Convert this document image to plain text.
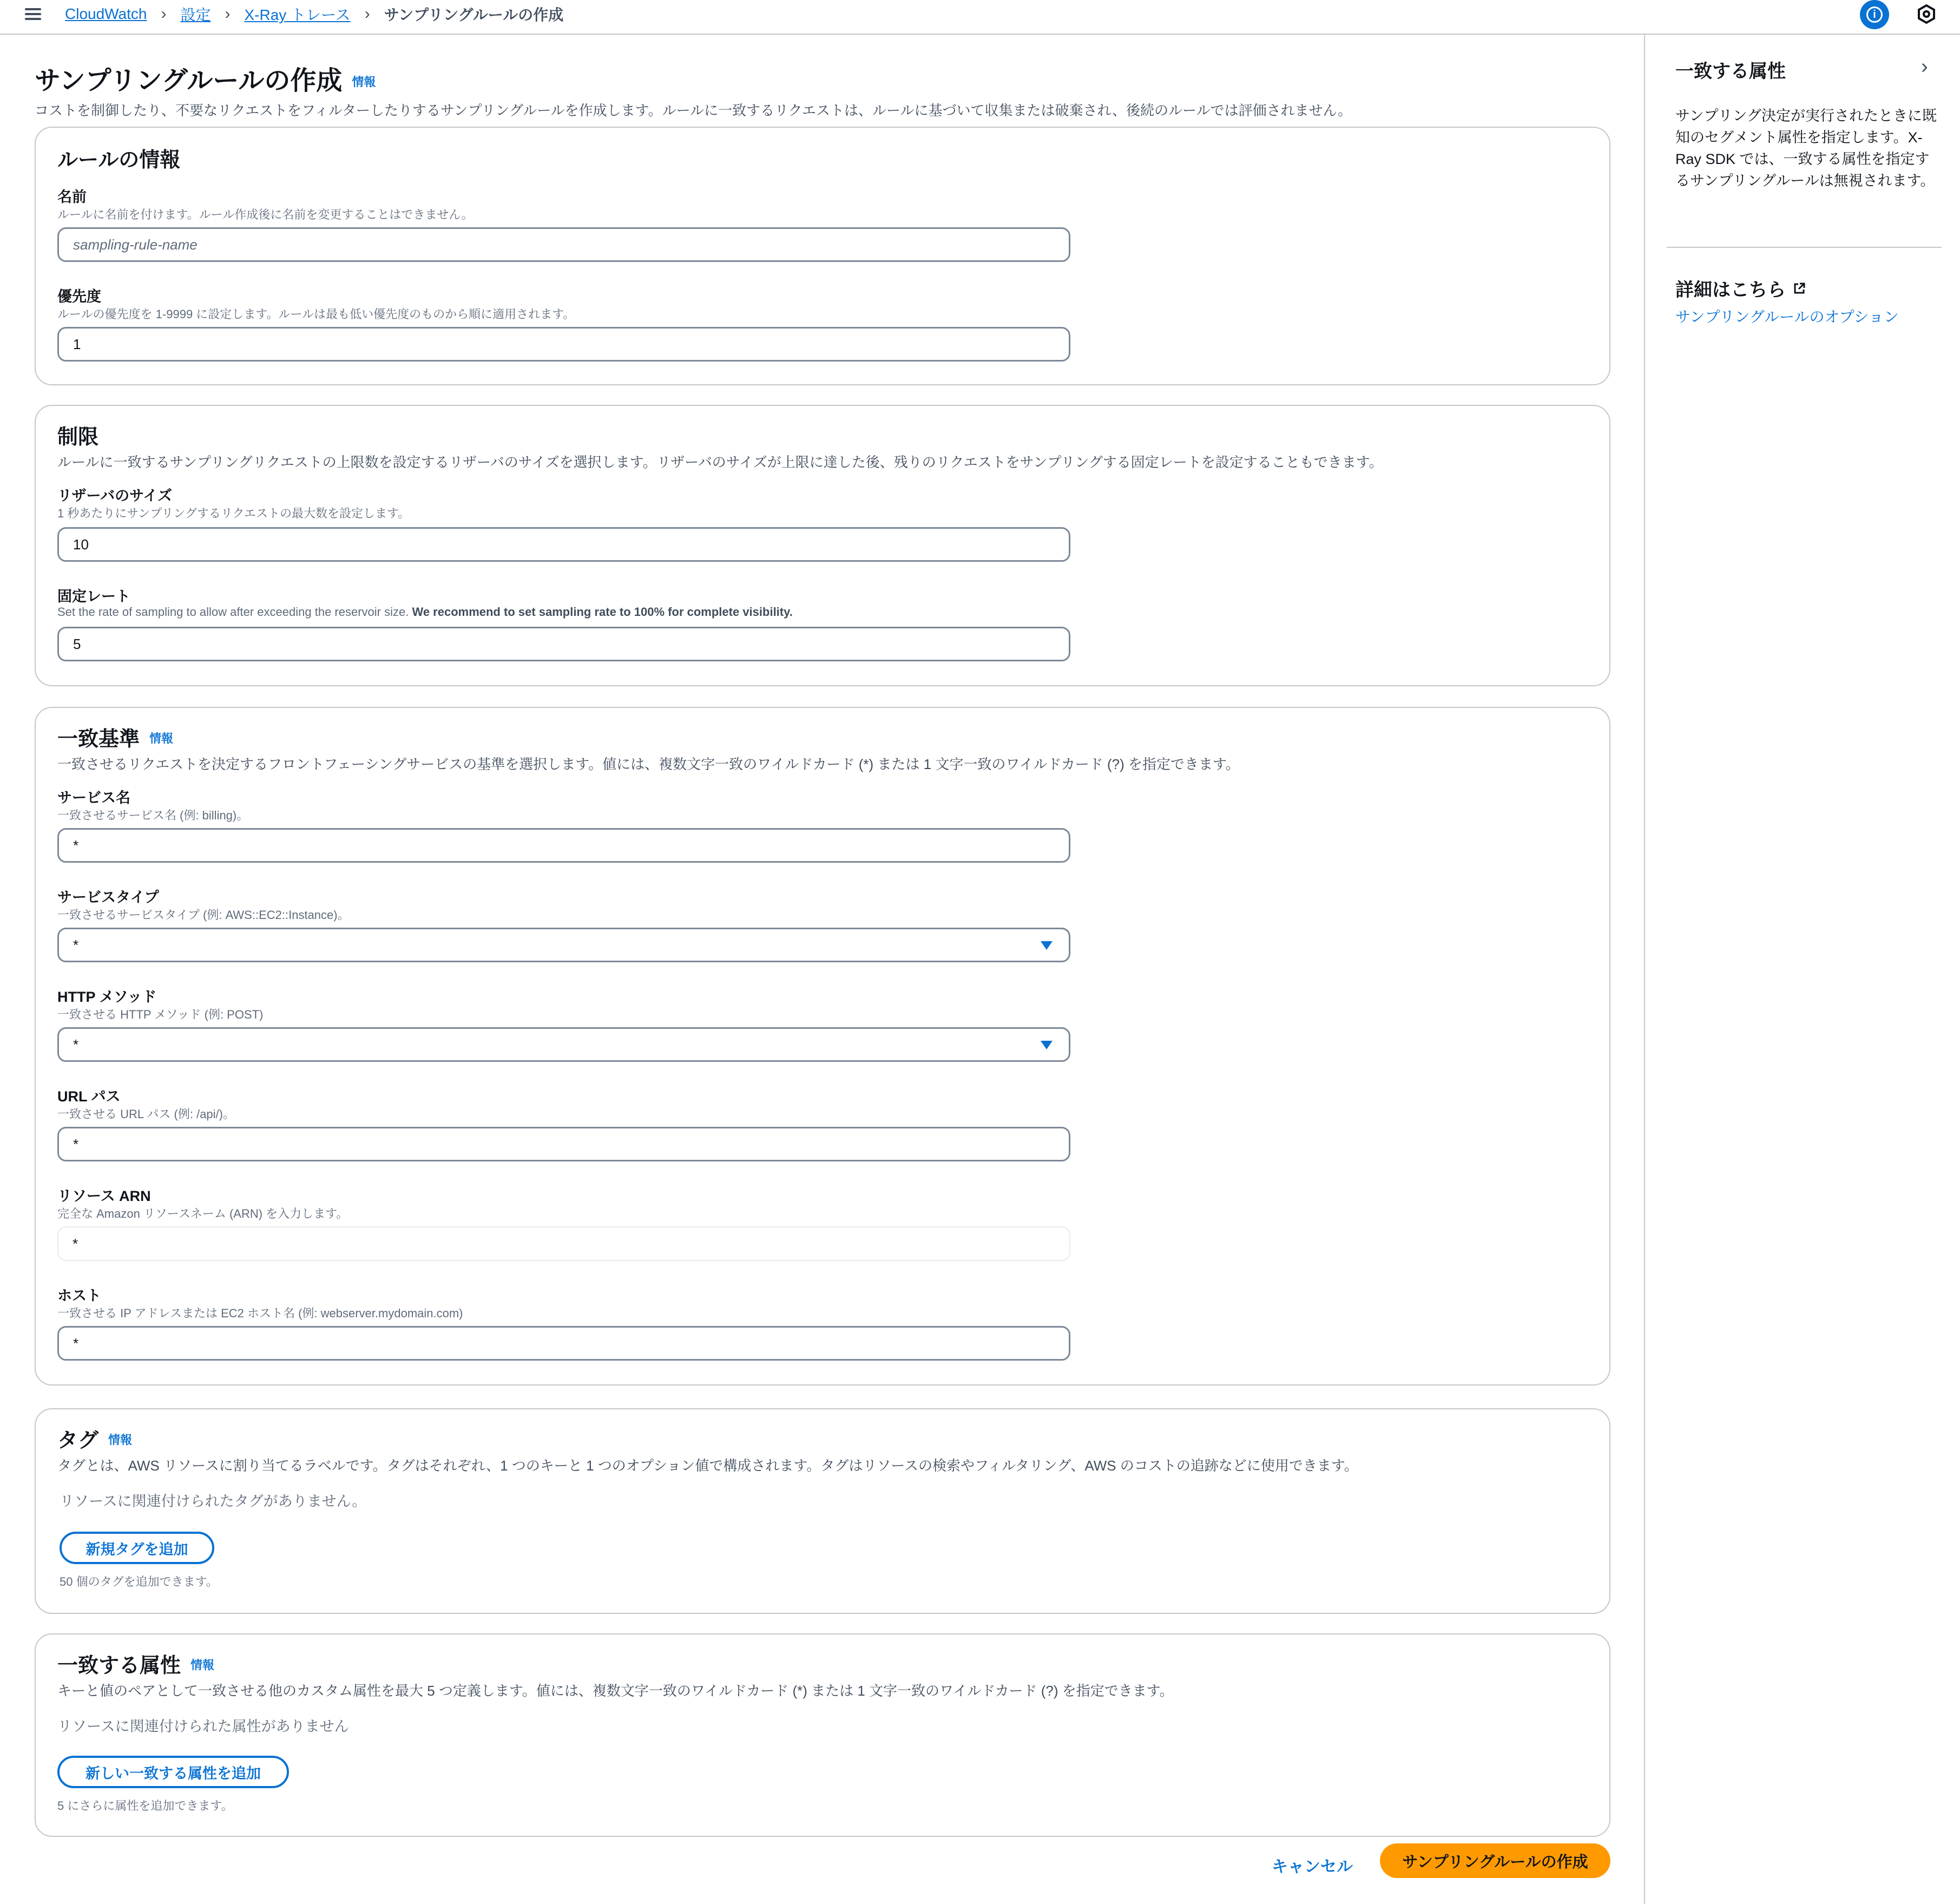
CloudWatch › 設定 › X-Ray トレース › サンプリングルールの作成	i
サンプリングルールの作成 情報
コストを制御したり、不要なリクエストをフィルターしたりするサンプリングルールを作成します。ルールに一致するリクエストは、ルールに基づいて収集または破棄され、後続のルールでは評価されません。
ルールの情報
名前
ルールに名前を付けます。ルール作成後に名前を変更することはできません。
sampling-rule-name
優先度
ルールの優先度を 1-9999 に設定します。ルールは最も低い優先度のものから順に適用されます。
1
制限
ルールに一致するサンプリングリクエストの上限数を設定するリザーバのサイズを選択します。リザーバのサイズが上限に達した後、残りのリクエストをサンプリングする固定レートを設定することもできます。
リザーバのサイズ
1 秒あたりにサンプリングするリクエストの最大数を設定します。
10
固定レート
Set the rate of sampling to allow after exceeding the reservoir size. We recommend to set sampling rate to 100% for complete visibility.
5
一致基準 情報
一致させるリクエストを決定するフロントフェーシングサービスの基準を選択します。値には、複数文字一致のワイルドカード (*) または 1 文字一致のワイルドカード (?) を指定できます。
サービス名
一致させるサービス名 (例: billing)。
*
サービスタイプ
一致させるサービスタイプ (例: AWS::EC2::Instance)。
*
HTTP メソッド
一致させる HTTP メソッド (例: POST)
*
URL パス
一致させる URL パス (例: /api/)。
*
リソース ARN
完全な Amazon リソースネーム (ARN) を入力します。
*
ホスト
一致させる IP アドレスまたは EC2 ホスト名 (例: webserver.mydomain.com)
*
タグ 情報
タグとは、AWS リソースに割り当てるラベルです。タグはそれぞれ、1 つのキーと 1 つのオプション値で構成されます。タグはリソースの検索やフィルタリング、AWS のコストの追跡などに使用できます。
リソースに関連付けられたタグがありません。
新規タグを追加
50 個のタグを追加できます。
一致する属性 情報
キーと値のペアとして一致させる他のカスタム属性を最大 5 つ定義します。値には、複数文字一致のワイルドカード (*) または 1 文字一致のワイルドカード (?) を指定できます。
リソースに関連付けられた属性がありません
新しい一致する属性を追加
5 にさらに属性を追加できます。
キャンセル	サンプリングルールの作成
一致する属性	›
サンプリング決定が実行されたときに既知のセグメント属性を指定します。X-Ray SDK では、一致する属性を指定するサンプリングルールは無視されます。
詳細はこちら
サンプリングルールのオプション
